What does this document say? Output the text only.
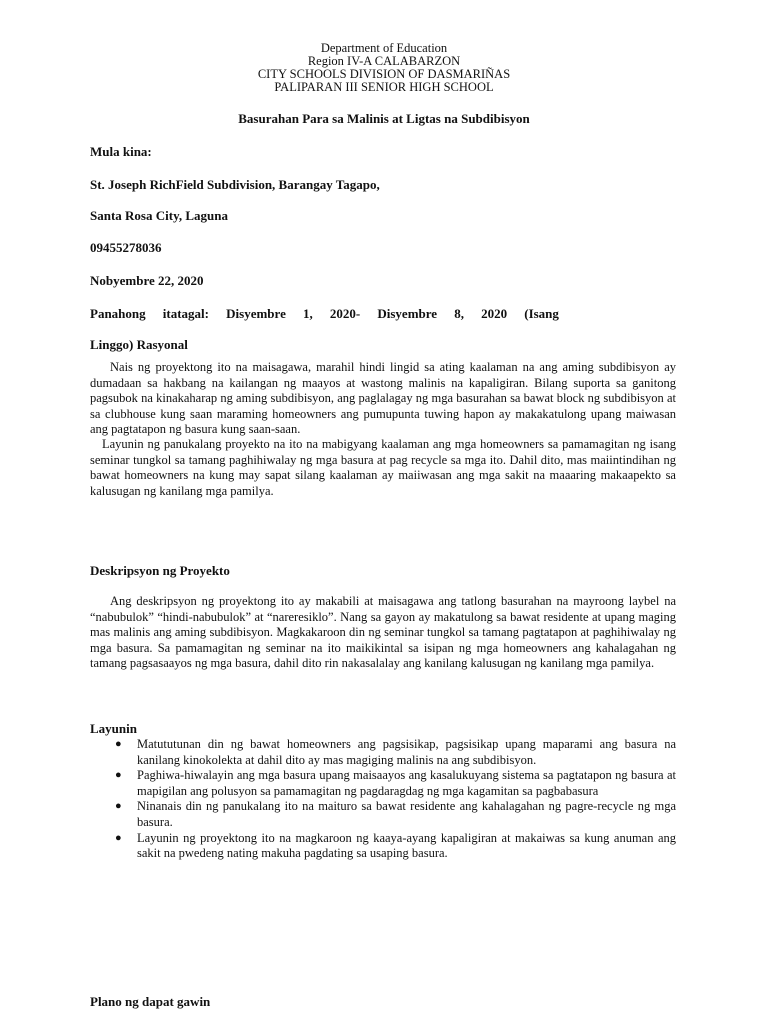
Department of Education
Region IV-A CALABARZON
CITY SCHOOLS DIVISION OF DASMARIÑAS
PALIPARAN III SENIOR HIGH SCHOOL
Basurahan Para sa Malinis at Ligtas na Subdibisyon
Mula kina:
St. Joseph RichField Subdivision, Barangay Tagapo,
Santa Rosa City, Laguna
09455278036
Nobyembre 22, 2020
Panahong itatagal: Disyembre 1, 2020- Disyembre 8, 2020 (Isang
Linggo) Rasyonal

Nais ng proyektong ito na maisagawa, marahil hindi lingid sa ating kaalaman na ang aming subdibisyon ay dumadaan sa hakbang na kailangan ng maayos at wastong malinis na kapaligiran. Bilang suporta sa ganitong pagsubok na kinakaharap ng aming subdibisyon, ang paglalagay ng mga basurahan sa bawat block ng subdibisyon at sa clubhouse kung saan maraming homeowners ang pumupunta tuwing hapon ay makakatulong upang maiwasan ang pagtatapon ng basura kung saan-saan.

Layunin ng panukalang proyekto na ito na mabigyang kaalaman ang mga homeowners sa pamamagitan ng isang seminar tungkol sa tamang paghihiwalay ng mga basura at pag recycle sa mga ito. Dahil dito, mas maiintindihan ng bawat homeowners na kung may sapat silang kaalaman ay maiiwasan ang mga sakit na maaaring makaapekto sa kalusugan ng kanilang mga pamilya.

Deskripsyon ng Proyekto

Ang deskripsyon ng proyektong ito ay makabili at maisagawa ang tatlong basurahan na mayroong laybel na “nabubulok” “hindi-nabubulok” at “nareresiklo”. Nang sa gayon ay makatulong sa bawat residente at upang maging mas malinis ang aming subdibisyon. Magkakaroon din ng seminar tungkol sa tamang pagtatapon at paghihiwalay ng mga basura. Sa pamamagitan ng seminar na ito maikikintal sa isipan ng mga homeowners ang kahalagahan ng tamang pagsasaayos ng mga basura, dahil dito rin nakasalalay ang kanilang kalusugan ng kanilang mga pamilya.

Layunin
● Matututunan din ng bawat homeowners ang pagsisikap, pagsisikap upang maparami ang basura na kanilang kinokolekta at dahil dito ay mas magiging malinis na ang subdibisyon.
● Paghiwa-hiwalayin ang mga basura upang maisaayos ang kasalukuyang sistema sa pagtatapon ng basura at mapigilan ang polusyon sa pamamagitan ng pagdaragdag ng mga kagamitan sa pagbabasura
● Ninanais din ng panukalang ito na maituro sa bawat residente ang kahalagahan ng pagre-recycle ng mga basura.
● Layunin ng proyektong ito na magkaroon ng kaaya-ayang kapaligiran at makaiwas sa kung anuman ang sakit na pwedeng nating makuha pagdating sa usaping basura.
Plano ng dapat gawin
